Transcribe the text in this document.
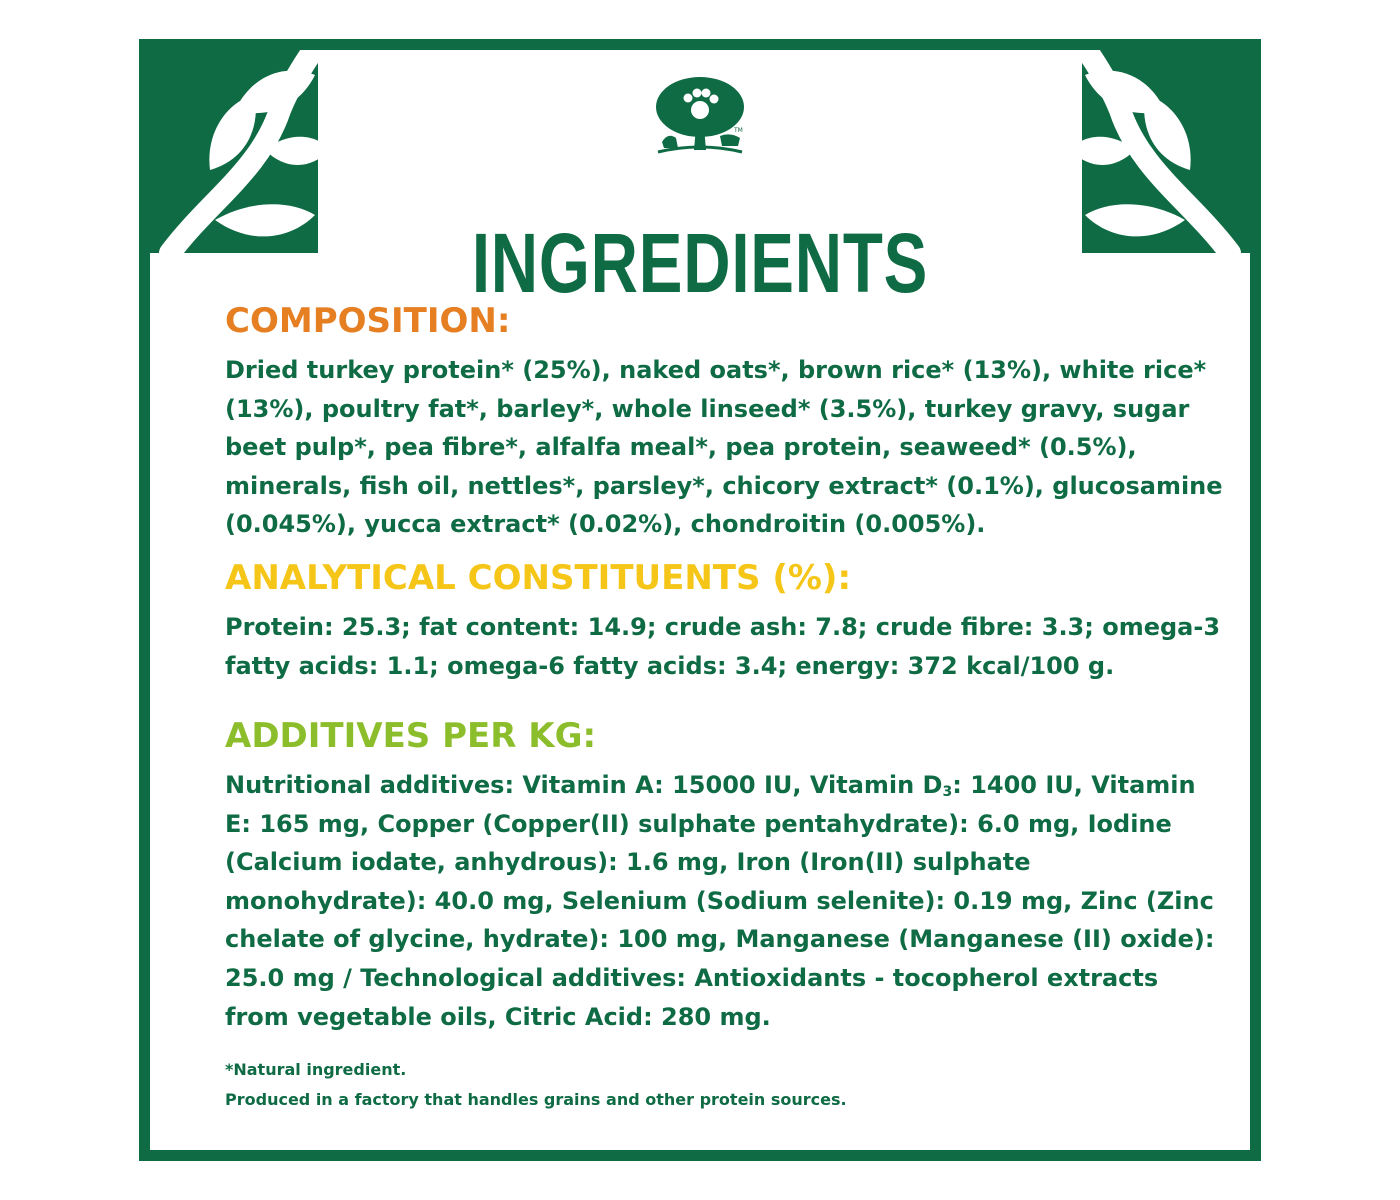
TM
INGREDIENTS
COMPOSITION:

Dried turkey protein* (25%), naked oats*, brown rice* (13%), white rice* (13%), poultry fat*, barley*, whole linseed* (3.5%), turkey gravy, sugar beet pulp*, pea fibre*, alfalfa meal*, pea protein, seaweed* (0.5%), minerals, fish oil, nettles*, parsley*, chicory extract* (0.1%), glucosamine (0.045%), yucca extract* (0.02%), chondroitin (0.005%).

ANALYTICAL CONSTITUENTS (%):

Protein: 25.3; fat content: 14.9; crude ash: 7.8; crude fibre: 3.3; omega-3 fatty acids: 1.1; omega-6 fatty acids: 3.4; energy: 372 kcal/100 g.

ADDITIVES PER KG:

Nutritional additives: Vitamin A: 15000 IU, Vitamin $D_3$: 1400 IU, Vitamin E: 165 mg, Copper (Copper(II) sulphate pentahydrate): 6.0 mg, Iodine (Calcium iodate, anhydrous): 1.6 mg, Iron (Iron(II) sulphate monohydrate): 40.0 mg, Selenium (Sodium selenite): 0.19 mg, Zinc (Zinc chelate of glycine, hydrate): 100 mg, Manganese (Manganese (II) oxide): 25.0 mg / Technological additives: Antioxidants - tocopherol extracts from vegetable oils, Citric Acid: 280 mg.

*Natural ingredient.

Produced in a factory that handles grains and other protein sources.
